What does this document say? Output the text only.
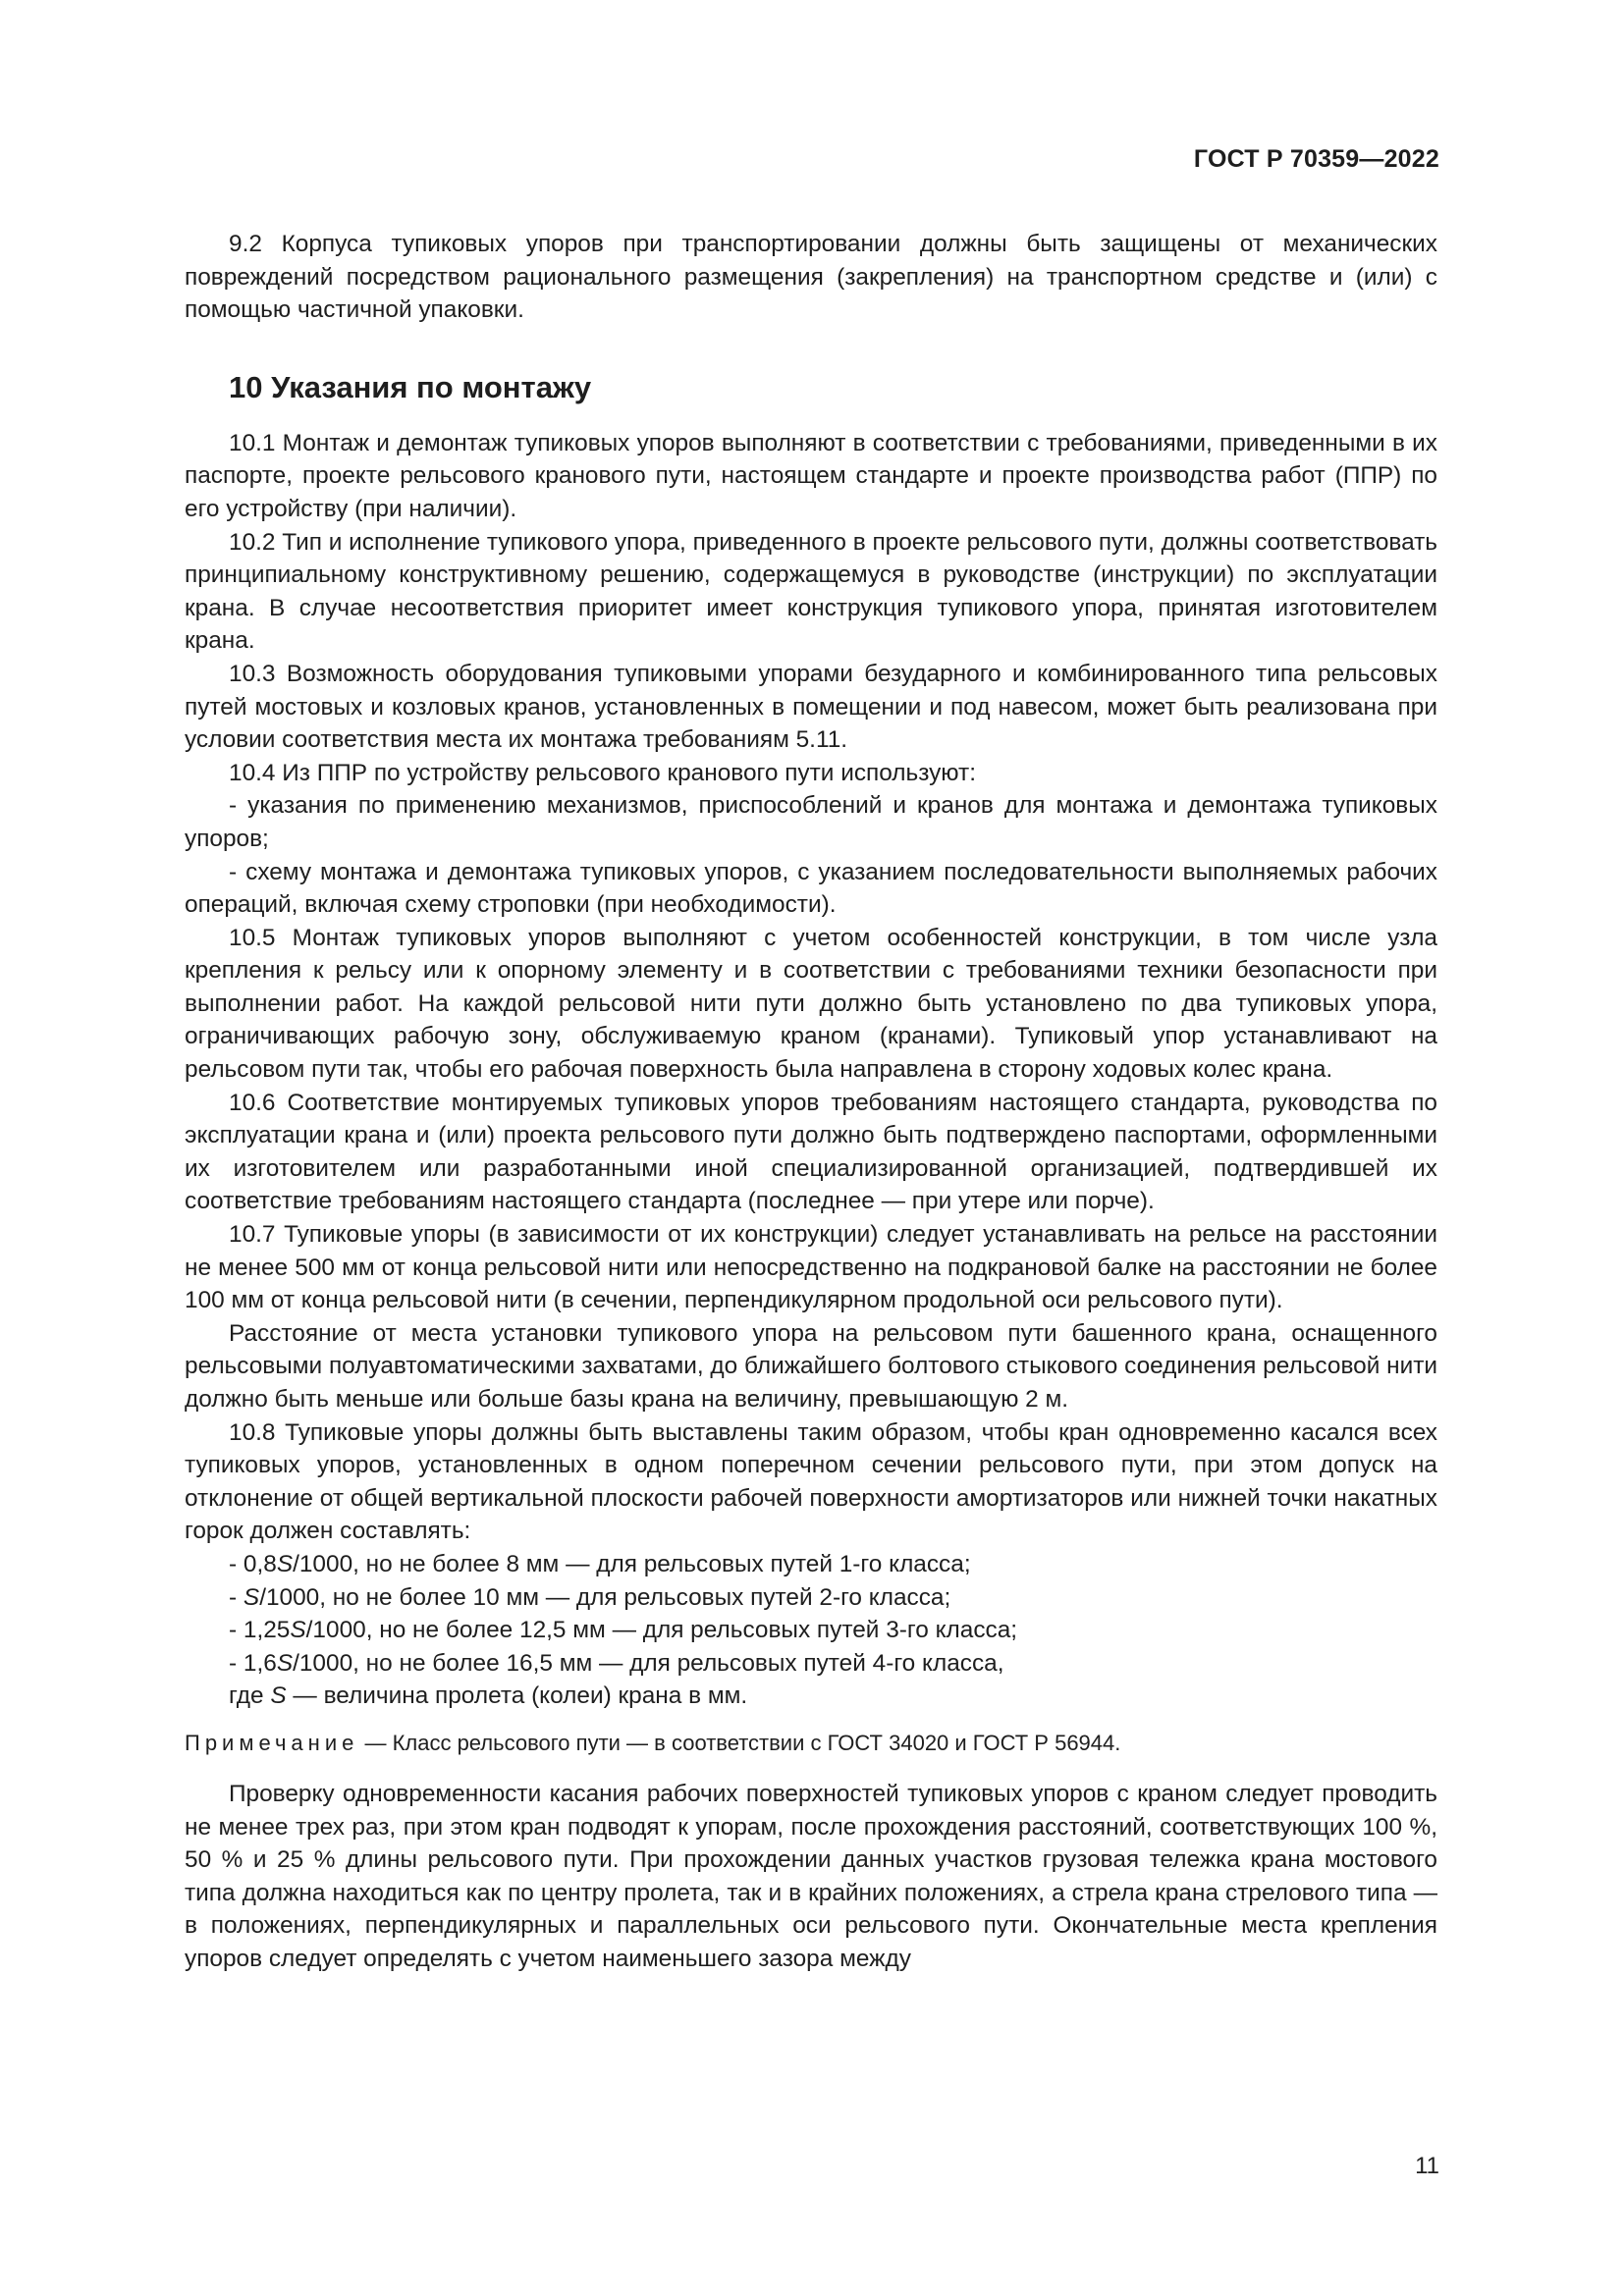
ГОСТ Р 70359—2022

9.2 Корпуса тупиковых упоров при транспортировании должны быть защищены от механических повреждений посредством рационального размещения (закрепления) на транспортном средстве и (или) с помощью частичной упаковки.

10 Указания по монтажу

10.1 Монтаж и демонтаж тупиковых упоров выполняют в соответствии с требованиями, приведенными в их паспорте, проекте рельсового кранового пути, настоящем стандарте и проекте производства работ (ППР) по его устройству (при наличии).

10.2 Тип и исполнение тупикового упора, приведенного в проекте рельсового пути, должны соответствовать принципиальному конструктивному решению, содержащемуся в руководстве (инструкции) по эксплуатации крана. В случае несоответствия приоритет имеет конструкция тупикового упора, принятая изготовителем крана.

10.3 Возможность оборудования тупиковыми упорами безударного и комбинированного типа рельсовых путей мостовых и козловых кранов, установленных в помещении и под навесом, может быть реализована при условии соответствия места их монтажа требованиям 5.11.

10.4 Из ППР по устройству рельсового кранового пути используют:

- указания по применению механизмов, приспособлений и кранов для монтажа и демонтажа тупиковых упоров;

- схему монтажа и демонтажа тупиковых упоров, с указанием последовательности выполняемых рабочих операций, включая схему строповки (при необходимости).

10.5 Монтаж тупиковых упоров выполняют с учетом особенностей конструкции, в том числе узла крепления к рельсу или к опорному элементу и в соответствии с требованиями техники безопасности при выполнении работ. На каждой рельсовой нити пути должно быть установлено по два тупиковых упора, ограничивающих рабочую зону, обслуживаемую краном (кранами). Тупиковый упор устанавливают на рельсовом пути так, чтобы его рабочая поверхность была направлена в сторону ходовых колес крана.

10.6 Соответствие монтируемых тупиковых упоров требованиям настоящего стандарта, руководства по эксплуатации крана и (или) проекта рельсового пути должно быть подтверждено паспортами, оформленными их изготовителем или разработанными иной специализированной организацией, подтвердившей их соответствие требованиям настоящего стандарта (последнее — при утере или порче).

10.7 Тупиковые упоры (в зависимости от их конструкции) следует устанавливать на рельсе на расстоянии не менее 500 мм от конца рельсовой нити или непосредственно на подкрановой балке на расстоянии не более 100 мм от конца рельсовой нити (в сечении, перпендикулярном продольной оси рельсового пути).

Расстояние от места установки тупикового упора на рельсовом пути башенного крана, оснащенного рельсовыми полуавтоматическими захватами, до ближайшего болтового стыкового соединения рельсовой нити должно быть меньше или больше базы крана на величину, превышающую 2 м.

10.8 Тупиковые упоры должны быть выставлены таким образом, чтобы кран одновременно касался всех тупиковых упоров, установленных в одном поперечном сечении рельсового пути, при этом допуск на отклонение от общей вертикальной плоскости рабочей поверхности амортизаторов или нижней точки накатных горок должен составлять:

- 0,8S/1000, но не более 8 мм — для рельсовых путей 1-го класса;

- S/1000, но не более 10 мм — для рельсовых путей 2-го класса;

- 1,25S/1000, но не более 12,5 мм — для рельсовых путей 3-го класса;

- 1,6S/1000, но не более 16,5 мм — для рельсовых путей 4-го класса,

где S — величина пролета (колеи) крана в мм.

Примечание — Класс рельсового пути — в соответствии с ГОСТ 34020 и ГОСТ Р 56944.

Проверку одновременности касания рабочих поверхностей тупиковых упоров с краном следует проводить не менее трех раз, при этом кран подводят к упорам, после прохождения расстояний, соответствующих 100 %, 50 % и 25 % длины рельсового пути. При прохождении данных участков грузовая тележка крана мостового типа должна находиться как по центру пролета, так и в крайних положениях, а стрела крана стрелового типа — в положениях, перпендикулярных и параллельных оси рельсового пути. Окончательные места крепления упоров следует определять с учетом наименьшего зазора между

11
